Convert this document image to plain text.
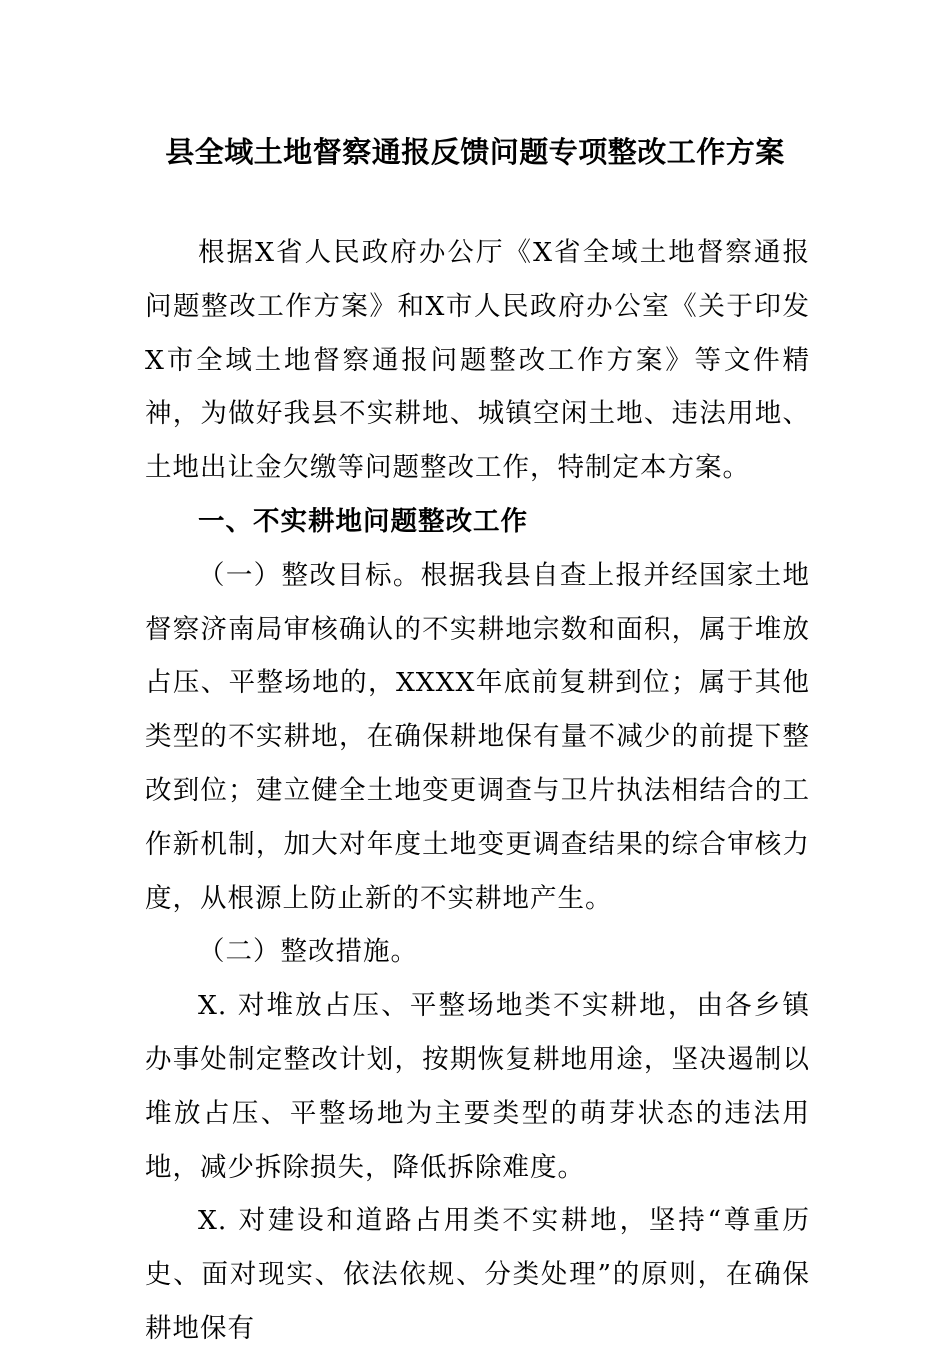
县全域土地督察通报反馈问题专项整改工作方案

根据X省人民政府办公厅《X省全域土地督察通报问题整改工作方案》和X市人民政府办公室《关于印发X市全域土地督察通报问题整改工作方案》等文件精神，为做好我县不实耕地、城镇空闲土地、违法用地、土地出让金欠缴等问题整改工作，特制定本方案。

一、不实耕地问题整改工作

（一）整改目标。根据我县自查上报并经国家土地督察济南局审核确认的不实耕地宗数和面积，属于堆放占压、平整场地的，XXXX年底前复耕到位；属于其他类型的不实耕地，在确保耕地保有量不减少的前提下整改到位；建立健全土地变更调查与卫片执法相结合的工作新机制，加大对年度土地变更调查结果的综合审核力度，从根源上防止新的不实耕地产生。

（二）整改措施。

X. 对堆放占压、平整场地类不实耕地，由各乡镇办事处制定整改计划，按期恢复耕地用途，坚决遏制以堆放占压、平整场地为主要类型的萌芽状态的违法用地，减少拆除损失，降低拆除难度。

X. 对建设和道路占用类不实耕地，坚持“尊重历史、面对现实、依法依规、分类处理”的原则，在确保耕地保有
